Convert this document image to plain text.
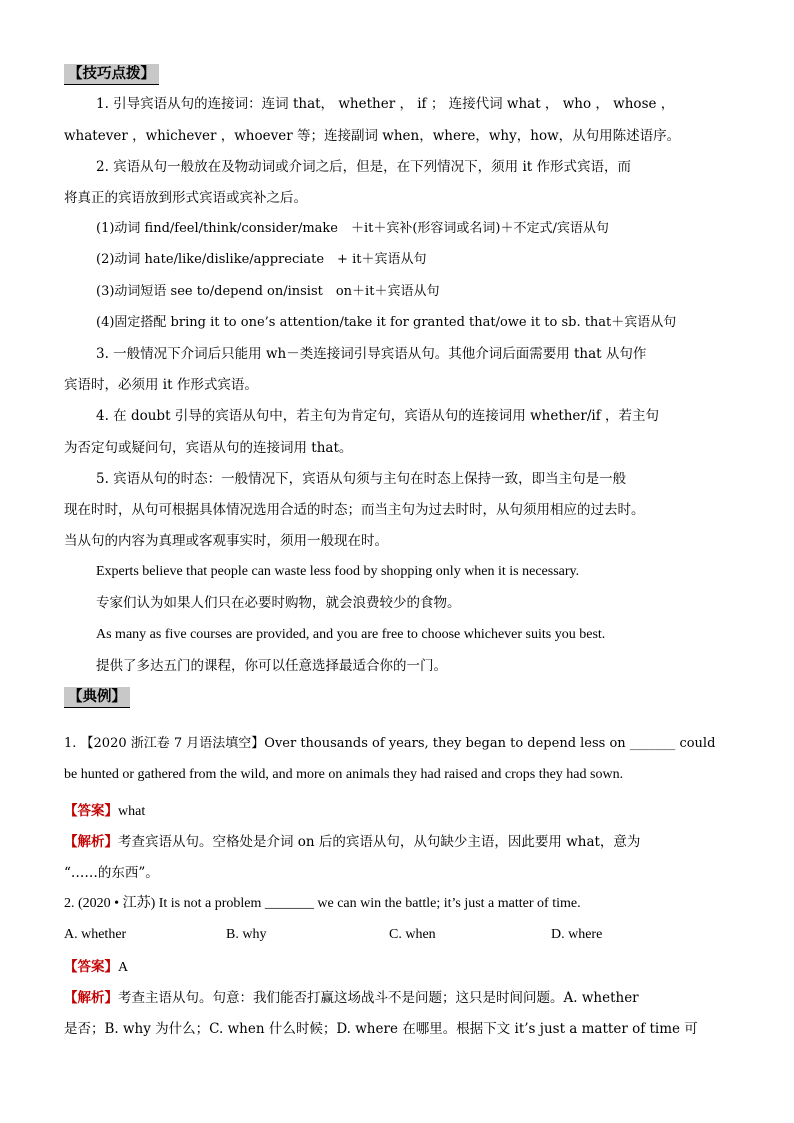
【技巧点拨】
1. 引导宾语从句的连接词：连词 that， whether ， if ； 连接代词 what ， who ， whose ，
whatever ，whichever ，whoever 等；连接副词 when，where，why，how，从句用陈述语序。
2. 宾语从句一般放在及物动词或介词之后，但是，在下列情况下，须用 it 作形式宾语，而
将真正的宾语放到形式宾语或宾补之后。
(1)动词 find/feel/think/consider/make　＋it＋宾补(形容词或名词)＋不定式/宾语从句
(2)动词 hate/like/dislike/appreciate　+ it＋宾语从句
(3)动词短语 see to/depend on/insist　on＋it＋宾语从句
(4)固定搭配 bring it to one’s attention/take it for granted that/owe it to sb. that＋宾语从句
3. 一般情况下介词后只能用 wh－类连接词引导宾语从句。其他介词后面需要用 that 从句作
宾语时，必须用 it 作形式宾语。
4. 在 doubt 引导的宾语从句中，若主句为肯定句，宾语从句的连接词用 whether/if ，若主句
为否定句或疑问句，宾语从句的连接词用 that。
5. 宾语从句的时态：一般情况下，宾语从句须与主句在时态上保持一致，即当主句是一般
现在时时，从句可根据具体情况选用合适的时态；而当主句为过去时时，从句须用相应的过去时。
当从句的内容为真理或客观事实时，须用一般现在时。
Experts believe that people can waste less food by shopping only when it is necessary.
专家们认为如果人们只在必要时购物，就会浪费较少的食物。
As many as five courses are provided, and you are free to choose whichever suits you best.
提供了多达五门的课程，你可以任意选择最适合你的一门。
【典例】
1. 【2020 浙江卷 7 月语法填空】Over thousands of years, they began to depend less on _______ could
be hunted or gathered from the wild, and more on animals they had raised and crops they had sown.
【答案】what
【解析】考查宾语从句。空格处是介词 on 后的宾语从句，从句缺少主语，因此要用 what，意为
“……的东西”。
2. (2020 • 江苏) It is not a problem _______ we can win the battle; it’s just a matter of time.
A. whether	B. why	C. when	D. where
【答案】A
【解析】考查主语从句。句意：我们能否打赢这场战斗不是问题；这只是时间问题。A. whether
是否；B. why 为什么；C. when 什么时候；D. where 在哪里。根据下文 it’s just a matter of time 可
